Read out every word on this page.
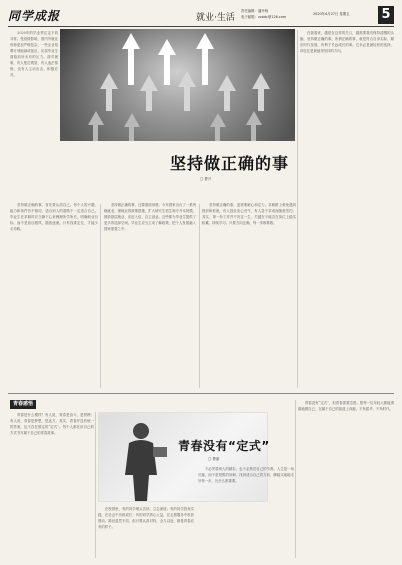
同学成报	就业·生活
责任编辑：潘丹杨
电子邮箱：zxbdc@126.com
2020年4月27日 星期五 5
坚持做正确的事
□ 曹兴
　　2020年的毕业季注定不同寻常。受疫情影响，国内外就业形势更加严峻复杂，一些企业招聘计划缩减或延后，应届毕业生面临前所未有的压力。面对困难，有人焦虑观望，有人迷茫徘徊，也有人主动出击、积极应对。
　　在我看来，越是在这样的关口，越需要我们保持清醒的头脑，坚持做正确的事。所谓正确的事，就是符合自身实际、顺应时代发展、有利于长远成长的事。它未必是最轻松的选择，却往往是最值得坚持的方向。
　　坚持做正确的事，首先要认清自己。每个人的兴趣、能力和条件各不相同，适合别人的道路不一定适合自己。毕业生在求职时应当静下心来梳理所学所长，明确职业目标，而不是盲目跟风、随波逐流。只有找准定位，才能少走弯路。
　　坚持做正确的事，还要看清形势。今年国家出台了一系列稳就业、保就业的政策措施，扩大研究生招生和专升本规模，鼓励基层就业、应征入伍、自主创业。这些都为毕业生提供了更多的选择空间。毕业生应当主动了解政策，把个人发展融入国家需要之中。
　　坚持做正确的事，更需要耐心和定力。求职路上难免遇到挫折和拒绝，有人因此灰心丧气，有人急于求成而随意签约。其实，第一份工作并不决定一生，关键在于能否在岗位上踏实积累、持续学习。只要方向正确，每一步都算数。
青春感悟
青春没有“定式”
□ 曹丽
　　青春是什么模样？有人说，青春是奋斗，是拼搏；有人说，青春是梦想，是远方。其实，青春并没有统一的答案，也不存在固定的“定式”。每个人都在用自己的方式书写属于自己的青春故事。
　　在校园里，有的同学埋头苦读，立志深造；有的同学投身实践，在社会中历练成长；有的同学热心公益，在志愿服务中收获感动。路径虽然不同，但只要认真对待、全力以赴，都是青春应有的样子。
　　不必羡慕别人的精彩，也不必焦虑自己的节奏。人生是一场长跑，而不是短暂的冲刺。找到适合自己的方向，脚踏实地地走好每一步，比什么都重要。
　　青春没有“定式”，但青春需要态度。愿每一位年轻人都能勇敢地做自己，在属于自己的赛道上奔跑，不负韶华，不负时代。
